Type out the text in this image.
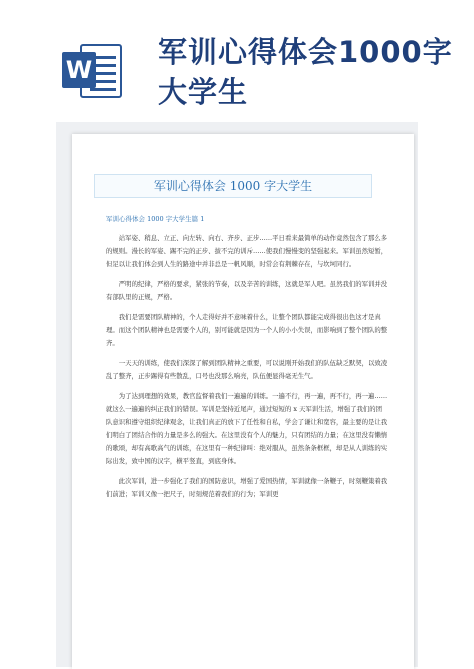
W
军训心得体会1000字大学生
军训心得体会 1000 字大学生
军训心得体会 1000 字大学生篇 1

站军姿、稍息、立正、向左转、向右、齐步、正步……平日看来最简单的动作竟然包含了那么多的规则。漫长的军姿、踢不完的正步、拔不完的训斥……使我们慢慢变的坚强起来。军训虽然短暂，但足以让我们体会到人生的路途中并非总是一帆风顺，时常会有荆棘存在，与坎坷同行。

严明的纪律，严格的要求，紧张的节奏，以及辛苦的训练，这就是军人吧。虽然我们的军训并没有部队里的正规，严格。

我们是需要团队精神的，个人走得好并不意味着什么，让整个团队都能完成得很出色这才是真理。而这个团队精神也是需要个人的，别可能就是因为一个人的小小失误，而影响到了整个团队的整齐。

一天天的训练，使我们深深了解到团队精神之重要，可以说刚开始我们的队伍缺乏默契，以致凌乱了整齐，正步踢得有些散乱，口号也没那么响亮，队伍便显得毫无生气。

为了达到理想的效果，教官监督着我们一遍遍的训练。一遍不行，再一遍，再不行，再一遍……就这么一遍遍的纠正我们的错误。军训是坚持近尾声，通过短短的 x 天军训生活，增强了我们的团队意识和遵守组织纪律观念，让我们真正的放下了任性和自私，学会了谦让和宽容，最主要的是让我们明白了团结合作的力量是多么的强大。在这里没有个人的魅力，只有团结的力量；在这里没有懒惰的歌颂，却有高歌高气的训练，在这里有一种纪律叫：绝对服从，虽然条条框框，却是从人训练的实际出发，致中国的汉字，横平竖直，到底身体。

此次军训，进一步强化了我们的国防意识，增强了爱国热情，军训就像一条鞭子，时刻鞭策着我们前进；军训又像一把尺子，时刻规范着我们的行为；军训更
